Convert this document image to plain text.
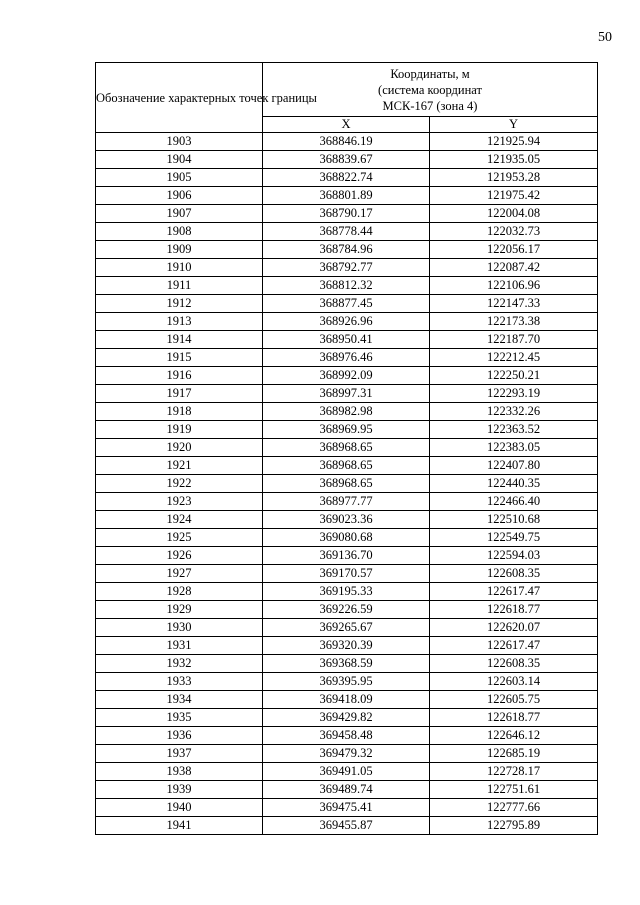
50
Обозначение характерных точек границы	Координаты, м
(система координат
МСК-167 (зона 4)	

	X	Y
1903	368846.19	121925.94
1904	368839.67	121935.05
1905	368822.74	121953.28
1906	368801.89	121975.42
1907	368790.17	122004.08
1908	368778.44	122032.73
1909	368784.96	122056.17
1910	368792.77	122087.42
1911	368812.32	122106.96
1912	368877.45	122147.33
1913	368926.96	122173.38
1914	368950.41	122187.70
1915	368976.46	122212.45
1916	368992.09	122250.21
1917	368997.31	122293.19
1918	368982.98	122332.26
1919	368969.95	122363.52
1920	368968.65	122383.05
1921	368968.65	122407.80
1922	368968.65	122440.35
1923	368977.77	122466.40
1924	369023.36	122510.68
1925	369080.68	122549.75
1926	369136.70	122594.03
1927	369170.57	122608.35
1928	369195.33	122617.47
1929	369226.59	122618.77
1930	369265.67	122620.07
1931	369320.39	122617.47
1932	369368.59	122608.35
1933	369395.95	122603.14
1934	369418.09	122605.75
1935	369429.82	122618.77
1936	369458.48	122646.12
1937	369479.32	122685.19
1938	369491.05	122728.17
1939	369489.74	122751.61
1940	369475.41	122777.66
1941	369455.87	122795.89
